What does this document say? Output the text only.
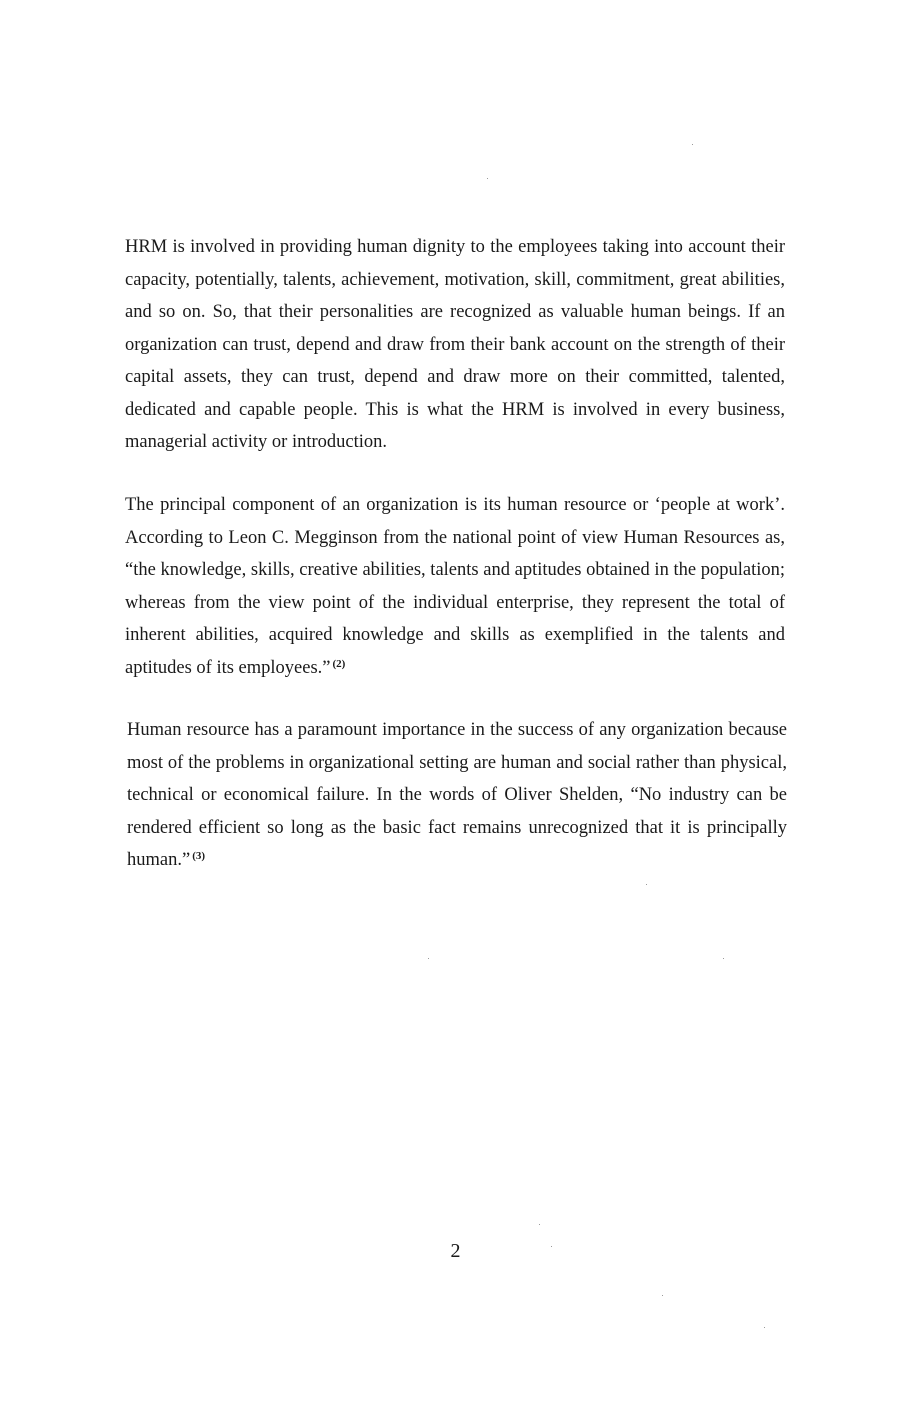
HRM is involved in providing human dignity to the employees taking into account their capacity, potentially, talents, achievement, motivation, skill, commitment, great abilities, and so on. So, that their personalities are recognized as valuable human beings. If an organization can trust, depend and draw from their bank account on the strength of their capital assets, they can trust, depend and draw more on their committed, talented, dedicated and capable people. This is what the HRM is involved in every business, managerial activity or introduction.

The principal component of an organization is its human resource or ‘people at work’. According to Leon C. Megginson from the national point of view Human Resources as, “the knowledge, skills, creative abilities, talents and aptitudes obtained in the population; whereas from the view point of the individual enterprise, they represent the total of inherent abilities, acquired knowledge and skills as exemplified in the talents and aptitudes of its employees.” $^{(2)}$

Human resource has a paramount importance in the success of any organization because most of the problems in organizational setting are human and social rather than physical, technical or economical failure. In the words of Oliver Shelden, “No industry can be rendered efficient so long as the basic fact remains unrecognized that it is principally human.” $^{(3)}$

2
